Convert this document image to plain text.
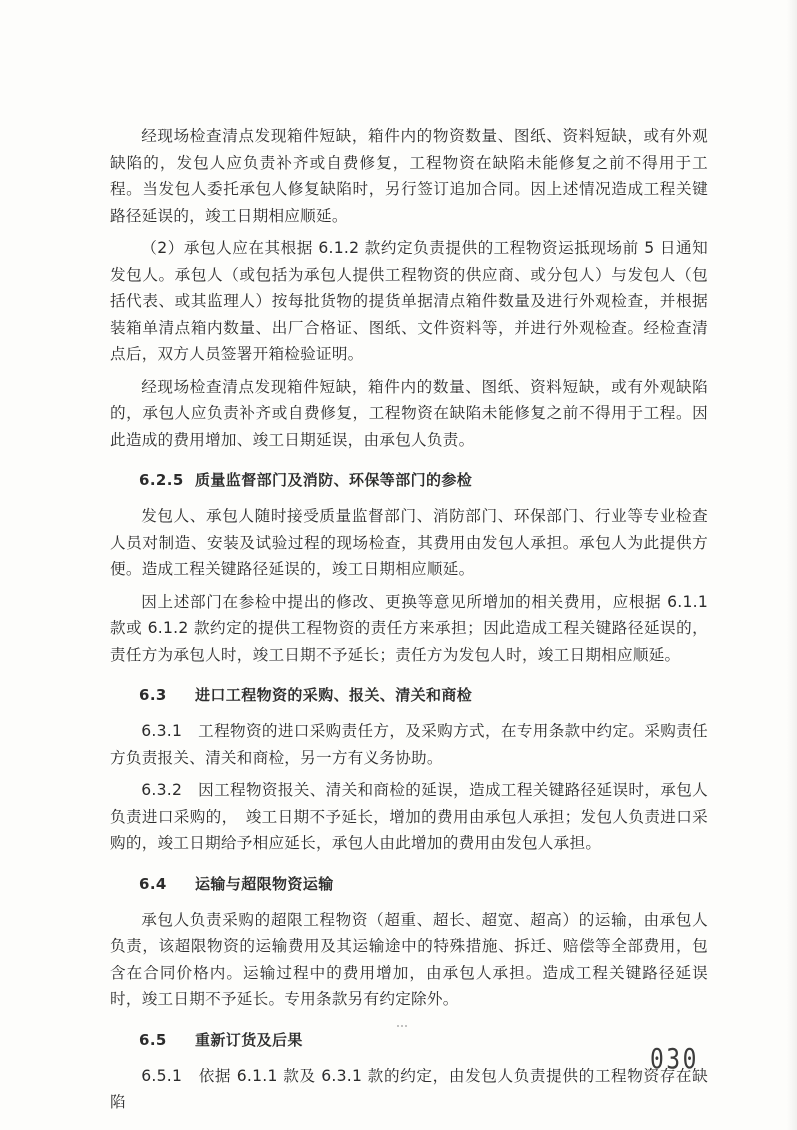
经现场检查清点发现箱件短缺，箱件内的物资数量、图纸、资料短缺，或有外观缺陷的，发包人应负责补齐或自费修复，工程物资在缺陷未能修复之前不得用于工程。当发包人委托承包人修复缺陷时，另行签订追加合同。因上述情况造成工程关键路径延误的，竣工日期相应顺延。

（2）承包人应在其根据 6.1.2 款约定负责提供的工程物资运抵现场前 5 日通知发包人。承包人（或包括为承包人提供工程物资的供应商、或分包人）与发包人（包括代表、或其监理人）按每批货物的提货单据清点箱件数量及进行外观检查，并根据装箱单清点箱内数量、出厂合格证、图纸、文件资料等，并进行外观检查。经检查清点后，双方人员签署开箱检验证明。

经现场检查清点发现箱件短缺，箱件内的数量、图纸、资料短缺，或有外观缺陷的，承包人应负责补齐或自费修复，工程物资在缺陷未能修复之前不得用于工程。因此造成的费用增加、竣工日期延误，由承包人负责。

6.2.5 质量监督部门及消防、环保等部门的参检

发包人、承包人随时接受质量监督部门、消防部门、环保部门、行业等专业检查人员对制造、安装及试验过程的现场检查，其费用由发包人承担。承包人为此提供方便。造成工程关键路径延误的，竣工日期相应顺延。

因上述部门在参检中提出的修改、更换等意见所增加的相关费用，应根据 6.1.1 款或 6.1.2 款约定的提供工程物资的责任方来承担；因此造成工程关键路径延误的，责任方为承包人时，竣工日期不予延长；责任方为发包人时，竣工日期相应顺延。

6.3 进口工程物资的采购、报关、清关和商检

6.3.1　工程物资的进口采购责任方，及采购方式，在专用条款中约定。采购责任方负责报关、清关和商检，另一方有义务协助。

6.3.2　因工程物资报关、清关和商检的延误，造成工程关键路径延误时，承包人负责进口采购的，　竣工日期不予延长，增加的费用由承包人承担；发包人负责进口采购的，竣工日期给予相应延长，承包人由此增加的费用由发包人承担。

6.4 运输与超限物资运输

承包人负责采购的超限工程物资（超重、超长、超宽、超高）的运输，由承包人负责，该超限物资的运输费用及其运输途中的特殊措施、拆迁、赔偿等全部费用，包含在合同价格内。运输过程中的费用增加，由承包人承担。造成工程关键路径延误时，竣工日期不予延长。专用条款另有约定除外。

6.5 重新订货及后果

6.5.1　依据 6.1.1 款及 6.3.1 款的约定，由发包人负责提供的工程物资存在缺陷

030
